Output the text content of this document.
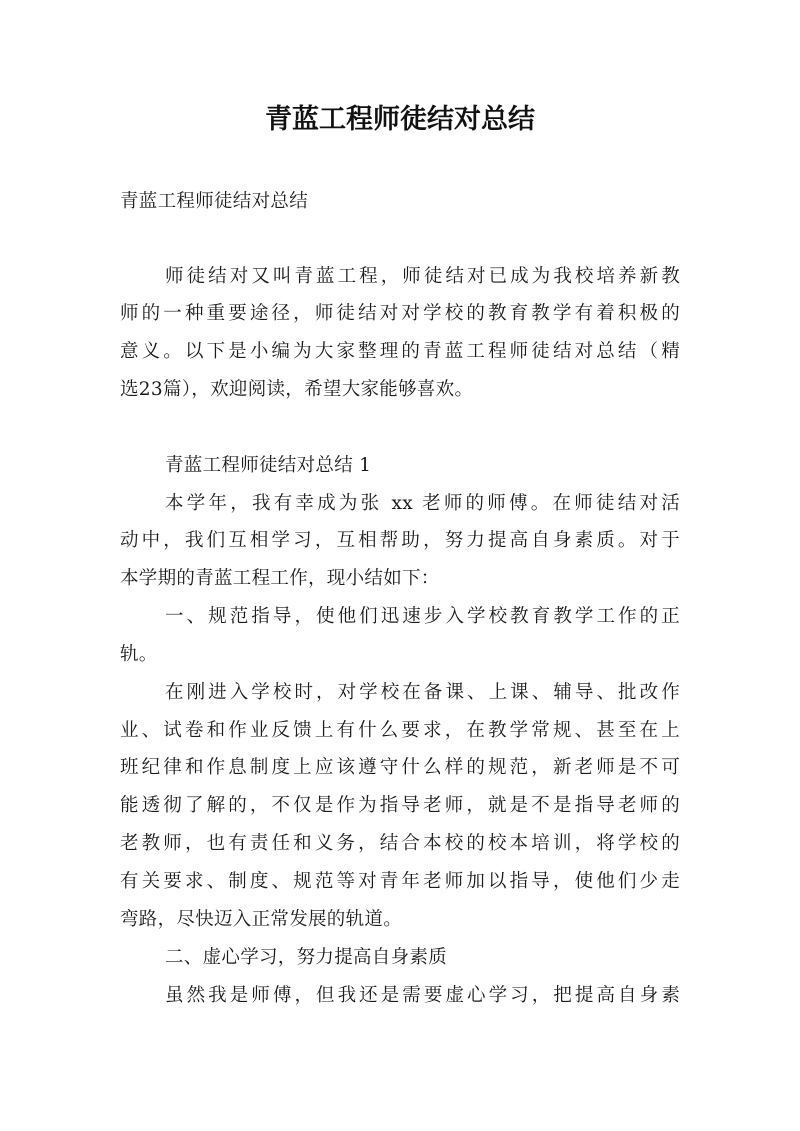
青蓝工程师徒结对总结
青蓝工程师徒结对总结
师徒结对又叫青蓝工程，师徒结对已成为我校培养新教
师的一种重要途径，师徒结对对学校的教育教学有着积极的
意义。以下是小编为大家整理的青蓝工程师徒结对总结（精
选23篇），欢迎阅读，希望大家能够喜欢。
青蓝工程师徒结对总结 1
本学年，我有幸成为张 xx 老师的师傅。在师徒结对活
动中，我们互相学习，互相帮助，努力提高自身素质。对于
本学期的青蓝工程工作，现小结如下：
一、规范指导，使他们迅速步入学校教育教学工作的正
轨。
在刚进入学校时，对学校在备课、上课、辅导、批改作
业、试卷和作业反馈上有什么要求，在教学常规、甚至在上
班纪律和作息制度上应该遵守什么样的规范，新老师是不可
能透彻了解的，不仅是作为指导老师，就是不是指导老师的
老教师，也有责任和义务，结合本校的校本培训，将学校的
有关要求、制度、规范等对青年老师加以指导，使他们少走
弯路，尽快迈入正常发展的轨道。
二、虚心学习，努力提高自身素质
虽然我是师傅，但我还是需要虚心学习，把提高自身素
